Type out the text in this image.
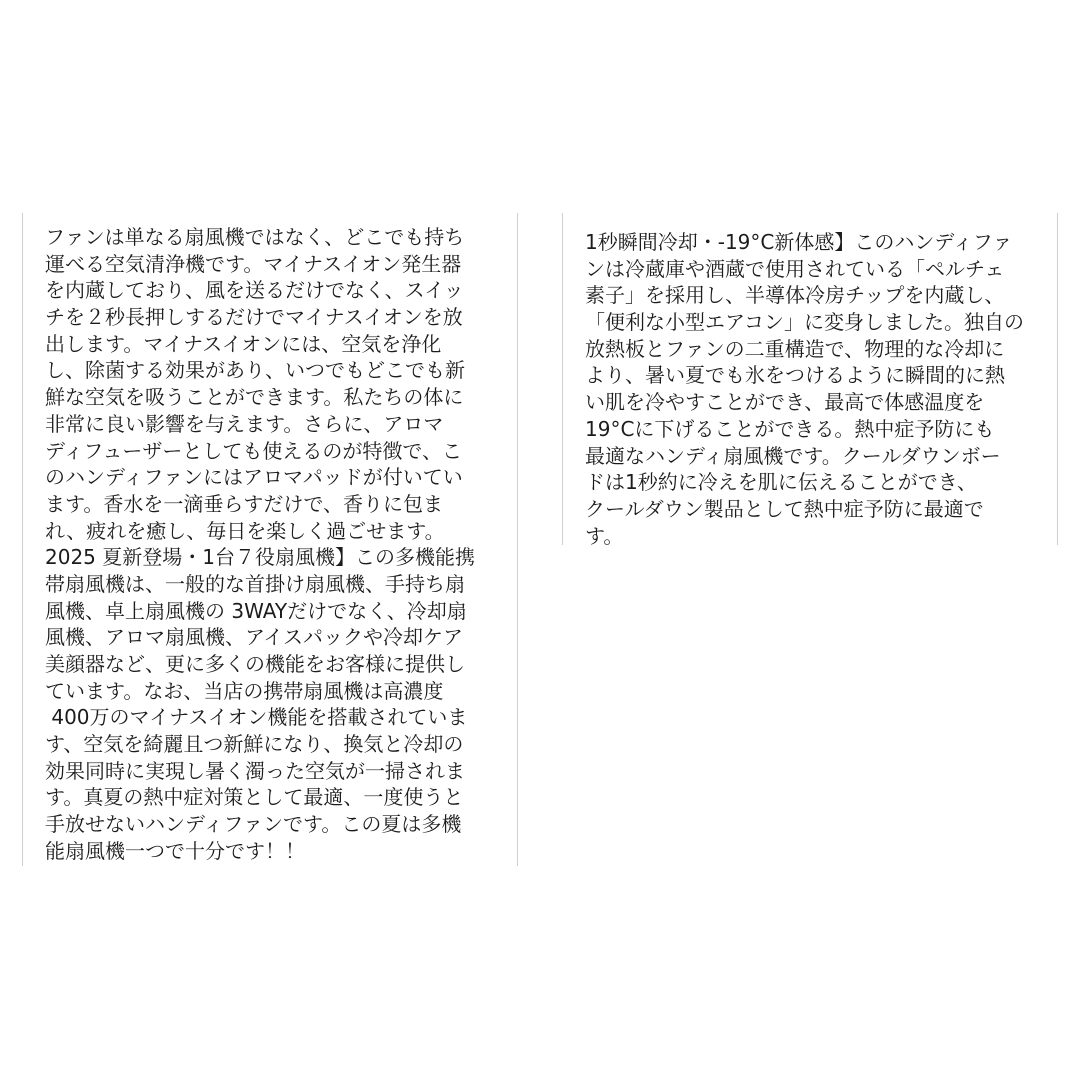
ファンは単なる扇風機ではなく、どこでも持ち
運べる空気清浄機です。マイナスイオン発生器
を内蔵しており、風を送るだけでなく、スイッ
チを２秒長押しするだけでマイナスイオンを放
出します。マイナスイオンには、空気を浄化
し、除菌する効果があり、いつでもどこでも新
鮮な空気を吸うことができます。私たちの体に
非常に良い影響を与えます。さらに、アロマ
ディフューザーとしても使えるのが特徴で、こ
のハンディファンにはアロマパッドが付いてい
ます。香水を一滴垂らすだけで、香りに包ま
れ、疲れを癒し、毎日を楽しく過ごせます。
2025 夏新登場・1台７役扇風機】この多機能携
帯扇風機は、一般的な首掛け扇風機、手持ち扇
風機、卓上扇風機の 3WAYだけでなく、冷却扇
風機、アロマ扇風機、アイスパックや冷却ケア
美顔器など、更に多くの機能をお客様に提供し
ています。なお、当店の携帯扇風機は高濃度
400万のマイナスイオン機能を搭載されていま
す、空気を綺麗且つ新鮮になり、換気と冷却の
効果同時に実現し暑く濁った空気が一掃されま
す。真夏の熱中症対策として最適、一度使うと
手放せないハンディファンです。この夏は多機
能扇風機一つで十分です！！
1秒瞬間冷却・-19°C新体感】このハンディファ
ンは冷蔵庫や酒蔵で使用されている「ペルチェ
素子」を採用し、半導体冷房チップを内蔵し、
「便利な小型エアコン」に変身しました。独自の
放熱板とファンの二重構造で、物理的な冷却に
より、暑い夏でも氷をつけるように瞬間的に熱
い肌を冷やすことができ、最高で体感温度を
19°Cに下げることができる。熱中症予防にも
最適なハンディ扇風機です。クールダウンボー
ドは1秒約に冷えを肌に伝えることができ、
クールダウン製品として熱中症予防に最適で
す。
